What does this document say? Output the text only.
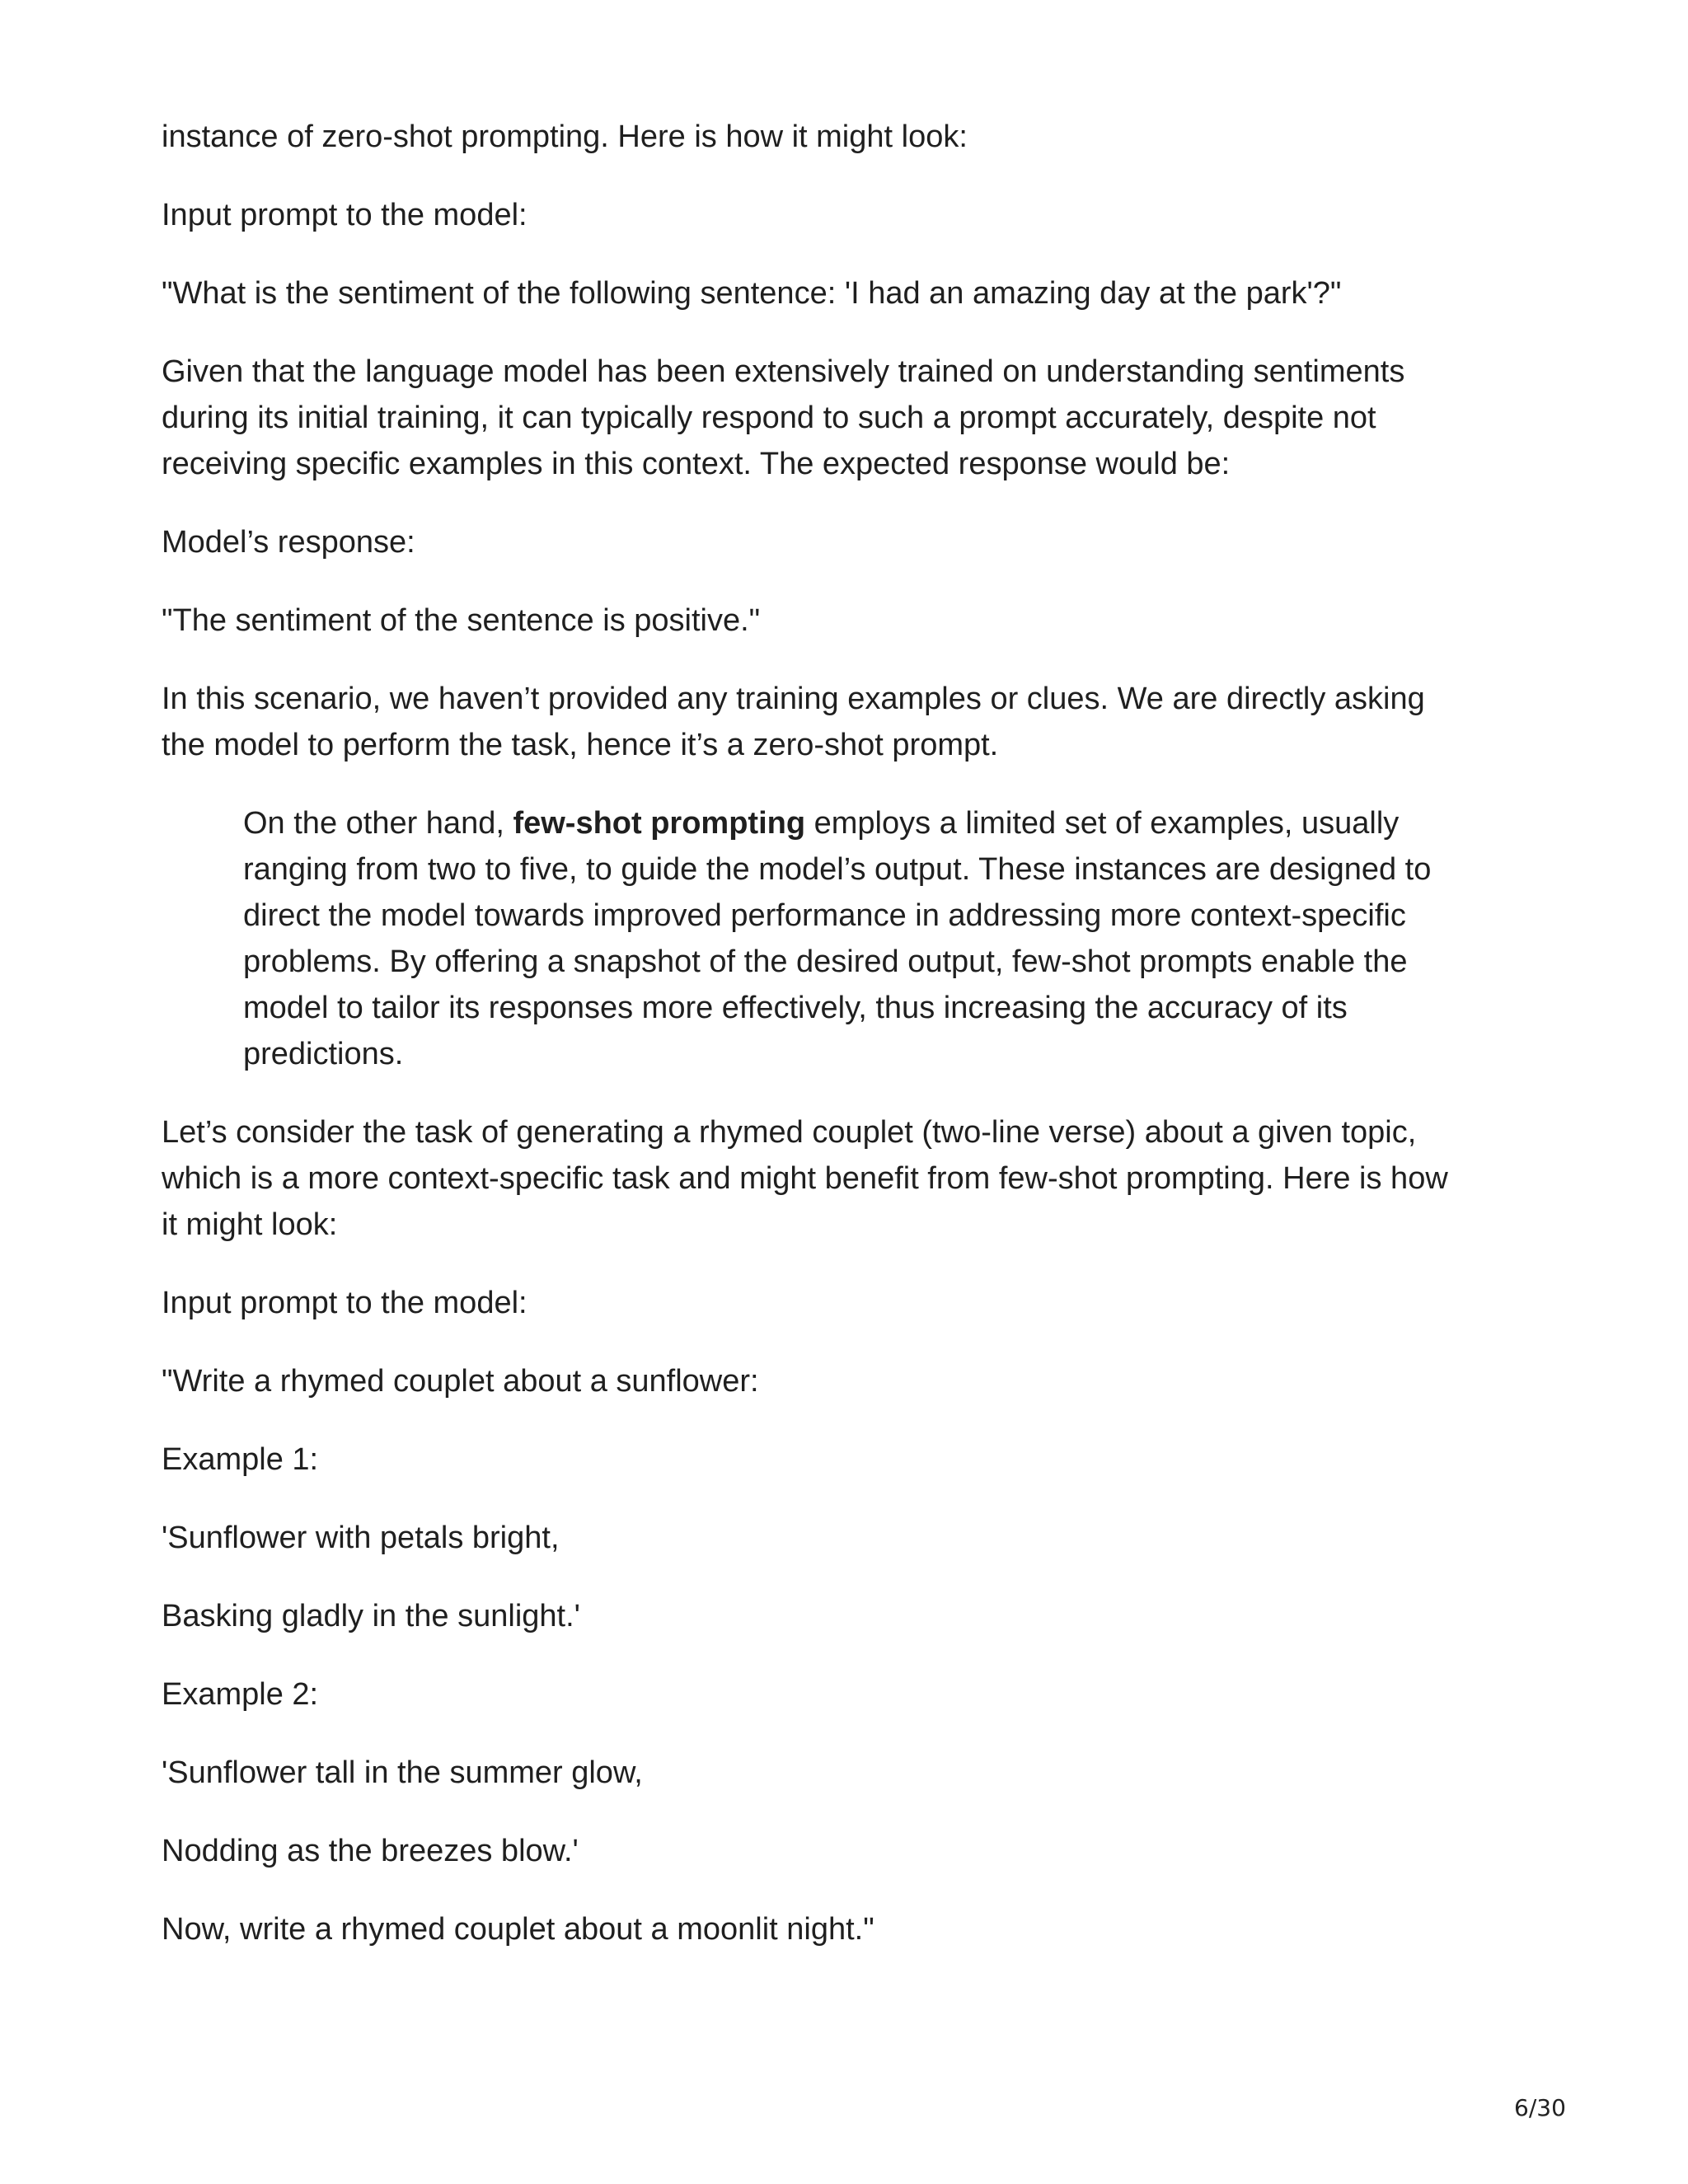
instance of zero-shot prompting. Here is how it might look:

Input prompt to the model:

"What is the sentiment of the following sentence: 'I had an amazing day at the park'?"

Given that the language model has been extensively trained on understanding sentiments
during its initial training, it can typically respond to such a prompt accurately, despite not
receiving specific examples in this context. The expected response would be:

Model’s response:

"The sentiment of the sentence is positive."

In this scenario, we haven’t provided any training examples or clues. We are directly asking
the model to perform the task, hence it’s a zero-shot prompt.

On the other hand, few-shot prompting employs a limited set of examples, usually
ranging from two to five, to guide the model’s output. These instances are designed to
direct the model towards improved performance in addressing more context-specific
problems. By offering a snapshot of the desired output, few-shot prompts enable the
model to tailor its responses more effectively, thus increasing the accuracy of its
predictions.

Let’s consider the task of generating a rhymed couplet (two-line verse) about a given topic,
which is a more context-specific task and might benefit from few-shot prompting. Here is how
it might look:

Input prompt to the model:

"Write a rhymed couplet about a sunflower:

Example 1:

'Sunflower with petals bright,

Basking gladly in the sunlight.'

Example 2:

'Sunflower tall in the summer glow,

Nodding as the breezes blow.'

Now, write a rhymed couplet about a moonlit night."

6/30
